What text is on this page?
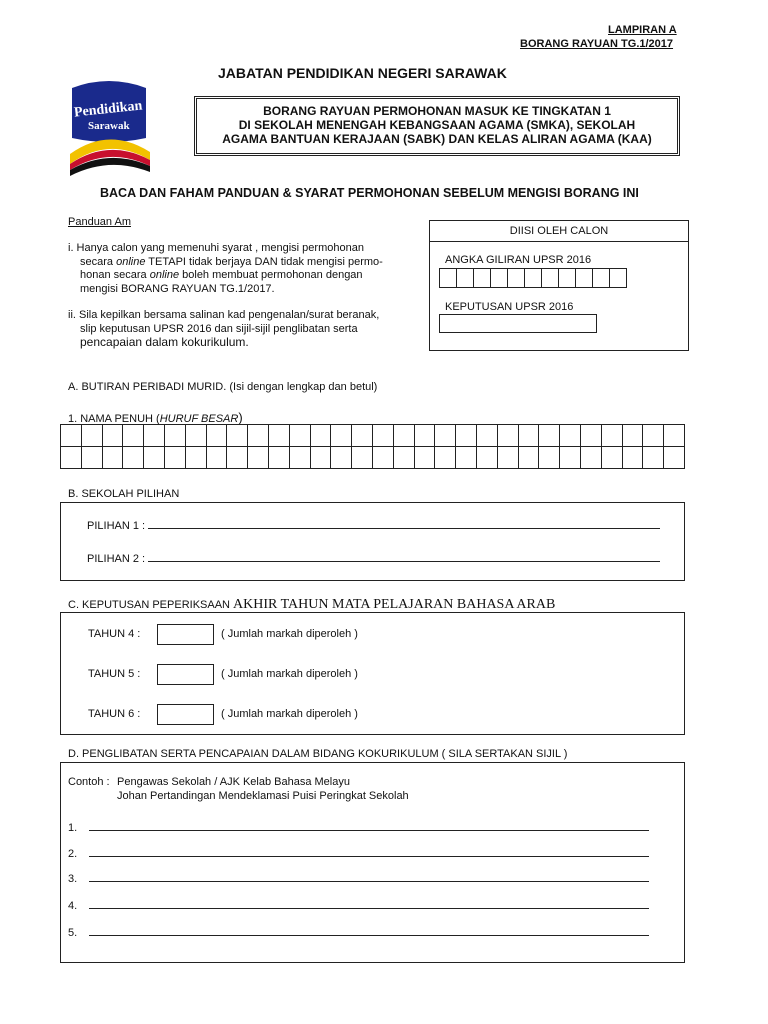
LAMPIRAN A
BORANG RAYUAN TG.1/2017
JABATAN PENDIDIKAN NEGERI SARAWAK
Pendidikan
Sarawak
BORANG RAYUAN PERMOHONAN MASUK KE TINGKATAN 1
DI SEKOLAH MENENGAH KEBANGSAAN AGAMA (SMKA), SEKOLAH
AGAMA BANTUAN KERAJAAN (SABK) DAN KELAS ALIRAN AGAMA (KAA)
BACA DAN FAHAM PANDUAN & SYARAT PERMOHONAN SEBELUM MENGISI BORANG INI
Panduan Am
i. Hanya calon yang memenuhi syarat , mengisi permohonan
secara online TETAPI tidak berjaya DAN tidak mengisi permo-
honan secara online boleh membuat permohonan dengan
mengisi BORANG RAYUAN TG.1/2017.
ii. Sila kepilkan bersama salinan kad pengenalan/surat beranak,
slip keputusan UPSR 2016 dan sijil-sijil penglibatan serta
pencapaian dalam kokurikulum.
DIISI OLEH CALON
ANGKA GILIRAN UPSR 2016

KEPUTUSAN UPSR 2016
A. BUTIRAN PERIBADI MURID. (Isi dengan lengkap dan betul)
1. NAMA PENUH (HURUF BESAR)

B. SEKOLAH PILIHAN
PILIHAN 1 :
PILIHAN 2 :
C. KEPUTUSAN PEPERIKSAAN AKHIR TAHUN MATA PELAJARAN BAHASA ARAB
TAHUN 4 :	( Jumlah markah diperoleh )
TAHUN 5 :	( Jumlah markah diperoleh )
TAHUN 6 :	( Jumlah markah diperoleh )
D. PENGLIBATAN SERTA PENCAPAIAN DALAM BIDANG KOKURIKULUM ( SILA SERTAKAN SIJIL )
Contoh : Pengawas Sekolah / AJK Kelab Bahasa Melayu
Johan Pertandingan Mendeklamasi Puisi Peringkat Sekolah
1.
2.
3.
4.
5.
